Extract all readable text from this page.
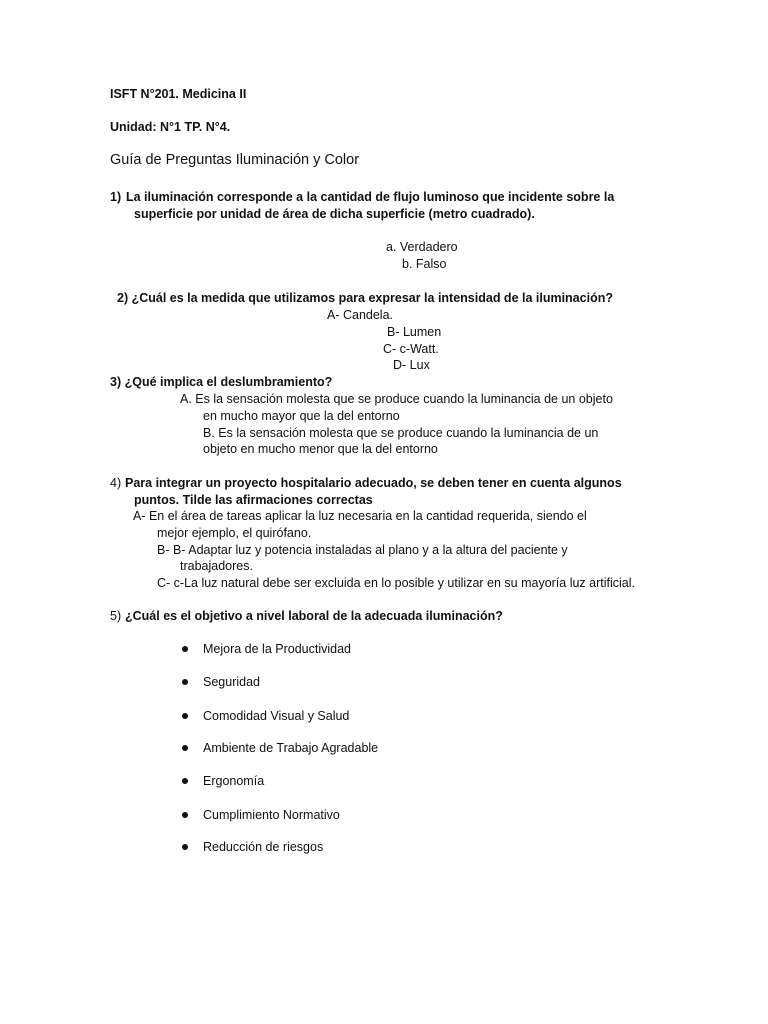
ISFT N°201. Medicina II
Unidad: N°1 TP. N°4.
Guía de Preguntas Iluminación y Color
1) La iluminación corresponde a la cantidad de flujo luminoso que incidente sobre la
superficie por unidad de área de dicha superficie (metro cuadrado).
a. Verdadero
b. Falso
2) ¿Cuál es la medida que utilizamos para expresar la intensidad de la iluminación?
A- Candela.
B- Lumen
C- c-Watt.
D- Lux
3) ¿Qué implica el deslumbramiento?
A. Es la sensación molesta que se produce cuando la luminancia de un objeto
en mucho mayor que la del entorno
B. Es la sensación molesta que se produce cuando la luminancia de un
objeto en mucho menor que la del entorno
4) Para integrar un proyecto hospitalario adecuado, se deben tener en cuenta algunos
puntos. Tilde las afirmaciones correctas
A- En el área de tareas aplicar la luz necesaria en la cantidad requerida, siendo el
mejor ejemplo, el quirófano.
B- B- Adaptar luz y potencia instaladas al plano y a la altura del paciente y
trabajadores.
C- c-La luz natural debe ser excluida en lo posible y utilizar en su mayoría luz artificial.
5) ¿Cuál es el objetivo a nivel laboral de la adecuada iluminación?
Mejora de la Productividad
Seguridad
Comodidad Visual y Salud
Ambiente de Trabajo Agradable
Ergonomía
Cumplimiento Normativo
Reducción de riesgos
